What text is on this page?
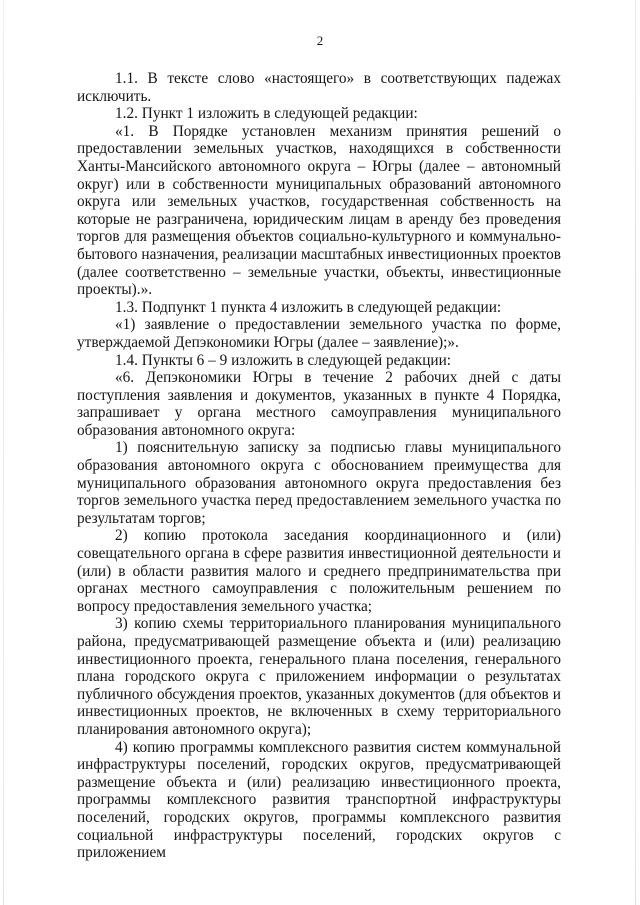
2

1.1. В тексте слово «настоящего» в соответствующих падежах исключить.

1.2. Пункт 1 изложить в следующей редакции:

«1. В Порядке установлен механизм принятия решений о предоставлении земельных участков, находящихся в собственности Ханты-Мансийского автономного округа – Югры (далее – автономный округ) или в собственности муниципальных образований автономного округа или земельных участков, государственная собственность на которые не разграничена, юридическим лицам в аренду без проведения торгов для размещения объектов социально-культурного и коммунально-бытового назначения, реализации масштабных инвестиционных проектов (далее соответственно – земельные участки, объекты, инвестиционные проекты).».

1.3. Подпункт 1 пункта 4 изложить в следующей редакции:

«1) заявление о предоставлении земельного участка по форме, утверждаемой Депэкономики Югры (далее – заявление);».

1.4. Пункты 6 – 9 изложить в следующей редакции:

«6. Депэкономики Югры в течение 2 рабочих дней с даты поступления заявления и документов, указанных в пункте 4 Порядка, запрашивает у органа местного самоуправления муниципального образования автономного округа:

1) пояснительную записку за подписью главы муниципального образования автономного округа с обоснованием преимущества для муниципального образования автономного округа предоставления без торгов земельного участка перед предоставлением земельного участка по результатам торгов;

2) копию протокола заседания координационного и (или) совещательного органа в сфере развития инвестиционной деятельности и (или) в области развития малого и среднего предпринимательства при органах местного самоуправления с положительным решением по вопросу предоставления земельного участка;

3) копию схемы территориального планирования муниципального района, предусматривающей размещение объекта и (или) реализацию инвестиционного проекта, генерального плана поселения, генерального плана городского округа с приложением информации о результатах публичного обсуждения проектов, указанных документов (для объектов и инвестиционных проектов, не включенных в схему территориального планирования автономного округа);

4) копию программы комплексного развития систем коммунальной инфраструктуры поселений, городских округов, предусматривающей размещение объекта и (или) реализацию инвестиционного проекта, программы комплексного развития транспортной инфраструктуры поселений, городских округов, программы комплексного развития социальной инфраструктуры поселений, городских округов с приложением
